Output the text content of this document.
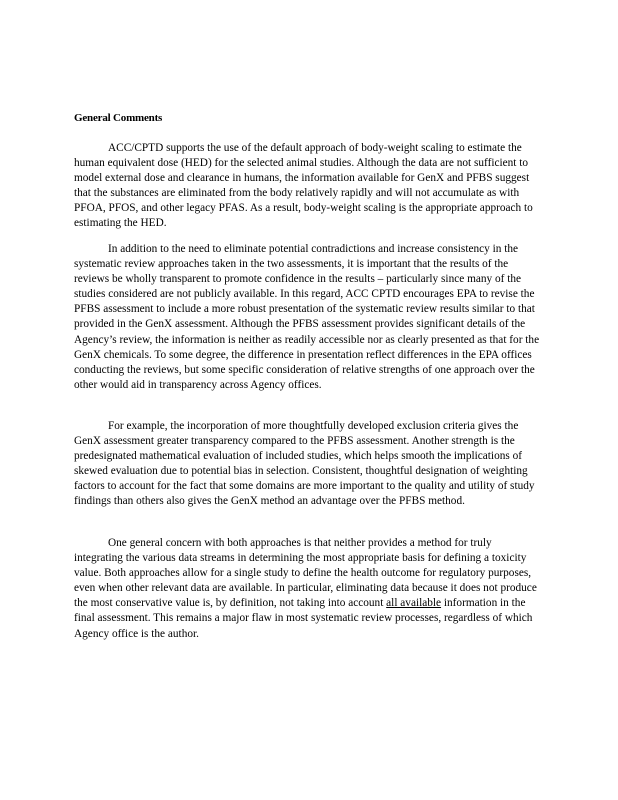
General Comments

ACC/CPTD supports the use of the default approach of body-weight scaling to estimate the human equivalent dose (HED) for the selected animal studies. Although the data are not sufficient to model external dose and clearance in humans, the information available for GenX and PFBS suggest that the substances are eliminated from the body relatively rapidly and will not accumulate as with PFOA, PFOS, and other legacy PFAS. As a result, body-weight scaling is the appropriate approach to estimating the HED.

In addition to the need to eliminate potential contradictions and increase consistency in the systematic review approaches taken in the two assessments, it is important that the results of the reviews be wholly transparent to promote confidence in the results – particularly since many of the studies considered are not publicly available. In this regard, ACC CPTD encourages EPA to revise the PFBS assessment to include a more robust presentation of the systematic review results similar to that provided in the GenX assessment. Although the PFBS assessment provides significant details of the Agency’s review, the information is neither as readily accessible nor as clearly presented as that for the GenX chemicals. To some degree, the difference in presentation reflect differences in the EPA offices conducting the reviews, but some specific consideration of relative strengths of one approach over the other would aid in transparency across Agency offices.

For example, the incorporation of more thoughtfully developed exclusion criteria gives the GenX assessment greater transparency compared to the PFBS assessment. Another strength is the predesignated mathematical evaluation of included studies, which helps smooth the implications of skewed evaluation due to potential bias in selection. Consistent, thoughtful designation of weighting factors to account for the fact that some domains are more important to the quality and utility of study findings than others also gives the GenX method an advantage over the PFBS method.

One general concern with both approaches is that neither provides a method for truly integrating the various data streams in determining the most appropriate basis for defining a toxicity value. Both approaches allow for a single study to define the health outcome for regulatory purposes, even when other relevant data are available. In particular, eliminating data because it does not produce the most conservative value is, by definition, not taking into account all available information in the final assessment. This remains a major flaw in most systematic review processes, regardless of which Agency office is the author.
